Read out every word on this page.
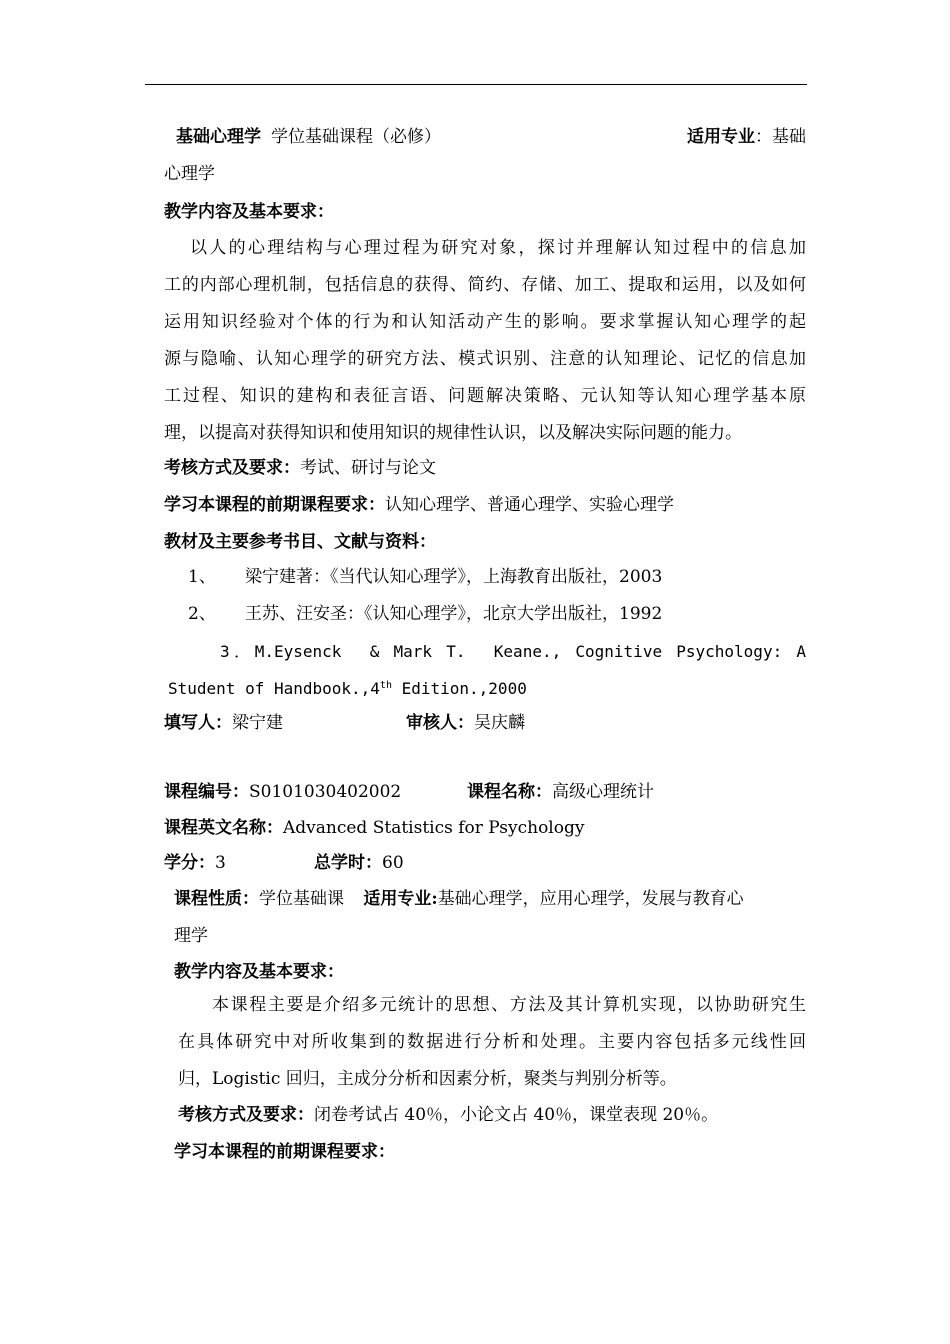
基础心理学 学位基础课程（必修）	适用专业：基础
心理学
教学内容及基本要求：
以人的心理结构与心理过程为研究对象，探讨并理解认知过程中的信息加
工的内部心理机制，包括信息的获得、简约、存储、加工、提取和运用，以及如何
运用知识经验对个体的行为和认知活动产生的影响。要求掌握认知心理学的起
源与隐喻、认知心理学的研究方法、模式识别、注意的认知理论、记忆的信息加
工过程、知识的建构和表征言语、问题解决策略、元认知等认知心理学基本原
理，以提高对获得知识和使用知识的规律性认识，以及解决实际问题的能力。
考核方式及要求：考试、研讨与论文
学习本课程的前期课程要求：认知心理学、普通心理学、实验心理学
教材及主要参考书目、文献与资料：
1、 梁宁建著：《当代认知心理学》，上海教育出版社，2003
2、 王苏、汪安圣：《认知心理学》，北京大学出版社，1992
3．M.Eysenck  & Mark T.  Keane., Cognitive Psychology: A
Student of Handbook.,4th Edition.,2000
填写人：梁宁建	审核人：吴庆麟
课程编号：S0101030402002	课程名称：高级心理统计
课程英文名称：Advanced Statistics for Psychology
学分：3	总学时：60
课程性质：学位基础课 适用专业:基础心理学，应用心理学，发展与教育心
理学
教学内容及基本要求：
本课程主要是介绍多元统计的思想、方法及其计算机实现，以协助研究生
在具体研究中对所收集到的数据进行分析和处理。主要内容包括多元线性回
归，Logistic 回归，主成分分析和因素分析，聚类与判别分析等。
考核方式及要求：闭卷考试占 40％，小论文占 40％，课堂表现 20％。
学习本课程的前期课程要求：
